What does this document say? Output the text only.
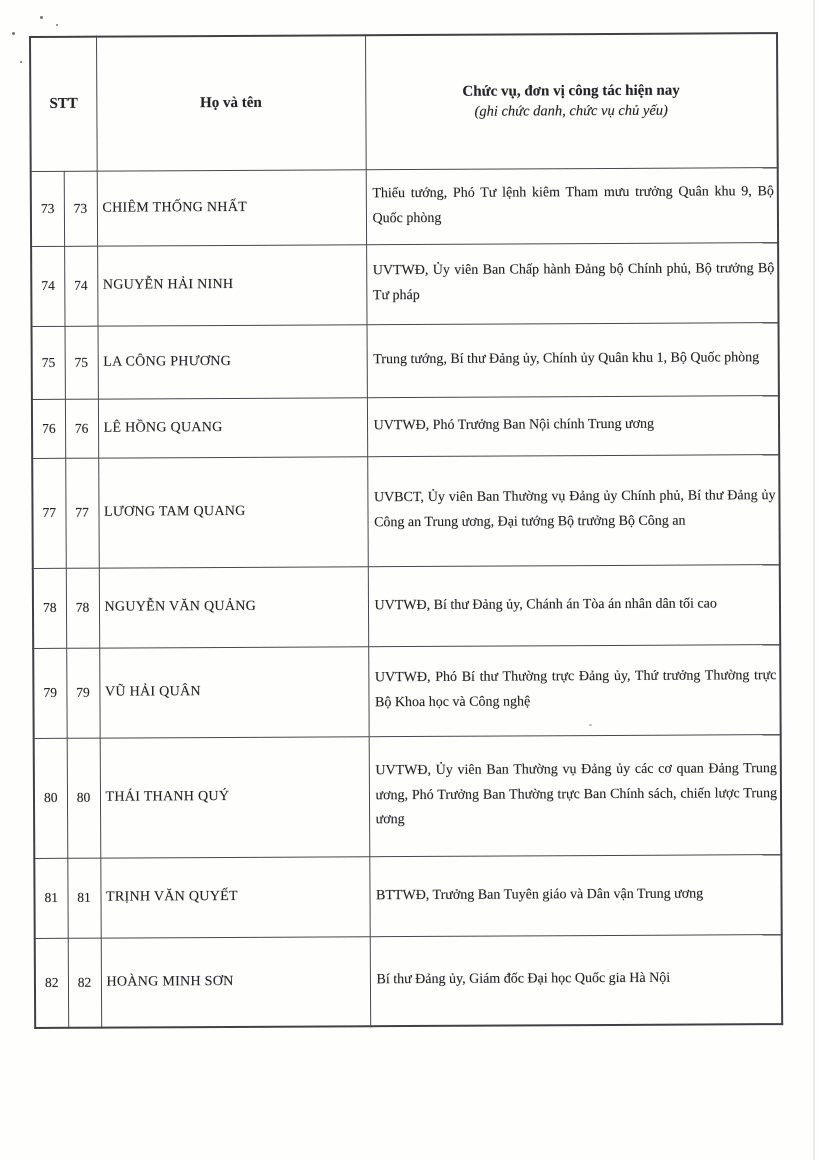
STT		Họ và tên	Chức vụ, đơn vị công tác hiện nay
(ghi chức danh, chức vụ chủ yếu)

73	73	CHIÊM THỐNG NHẤT	Thiếu tướng, Phó Tư lệnh kiêm Tham mưu trưởng Quân khu 9, Bộ Quốc phòng
74	74	NGUYỄN HẢI NINH	UVTWĐ, Ủy viên Ban Chấp hành Đảng bộ Chính phủ, Bộ trưởng Bộ Tư pháp
75	75	LA CÔNG PHƯƠNG	Trung tướng, Bí thư Đảng ủy, Chính ủy Quân khu 1, Bộ Quốc phòng
76	76	LÊ HỒNG QUANG	UVTWĐ, Phó Trưởng Ban Nội chính Trung ương
77	77	LƯƠNG TAM QUANG	UVBCT, Ủy viên Ban Thường vụ Đảng ủy Chính phủ, Bí thư Đảng ủy Công an Trung ương, Đại tướng Bộ trưởng Bộ Công an
78	78	NGUYỄN VĂN QUẢNG	UVTWĐ, Bí thư Đảng ủy, Chánh án Tòa án nhân dân tối cao
79	79	VŨ HẢI QUÂN	UVTWĐ, Phó Bí thư Thường trực Đảng ủy, Thứ trưởng Thường trực Bộ Khoa học và Công nghệ
80	80	THÁI THANH QUÝ	UVTWĐ, Ủy viên Ban Thường vụ Đảng ủy các cơ quan Đảng Trung ương, Phó Trưởng Ban Thường trực Ban Chính sách, chiến lược Trung ương
81	81	TRỊNH VĂN QUYẾT	BTTWĐ, Trưởng Ban Tuyên giáo và Dân vận Trung ương
82	82	HOÀNG MINH SƠN	Bí thư Đảng ủy, Giám đốc Đại học Quốc gia Hà Nội
